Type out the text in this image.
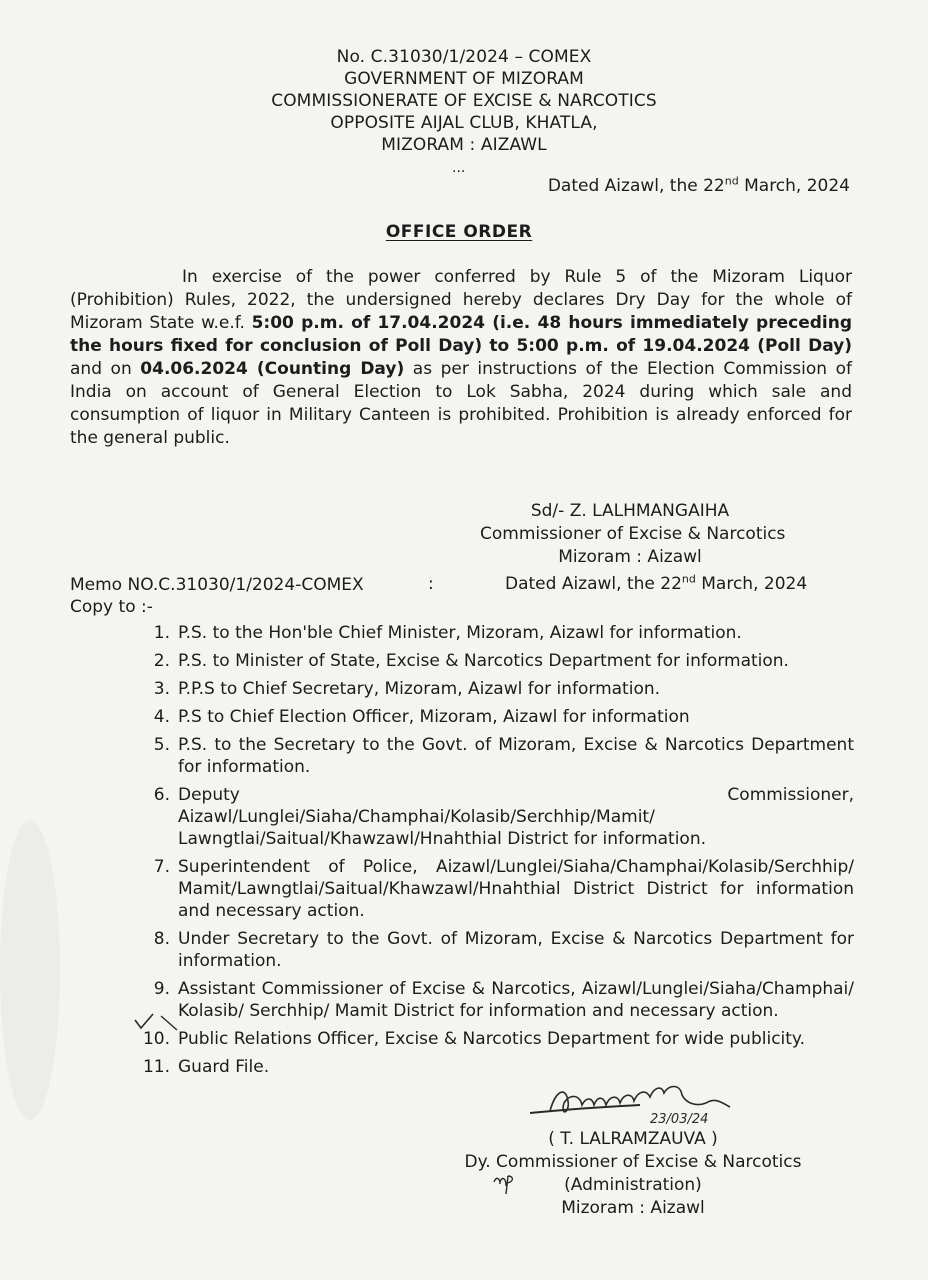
No. C.31030/1/2024 – COMEX
GOVERNMENT OF MIZORAM
COMMISSIONERATE OF EXCISE & NARCOTICS
OPPOSITE AIJAL CLUB, KHATLA,
MIZORAM : AIZAWL
...
Dated Aizawl, the 22nd March, 2024
OFFICE ORDER
In exercise of the power conferred by Rule 5 of the Mizoram Liquor (Prohibition) Rules, 2022, the undersigned hereby declares Dry Day for the whole of Mizoram State w.e.f. 5:00 p.m. of 17.04.2024 (i.e. 48 hours immediately preceding the hours fixed for conclusion of Poll Day) to 5:00 p.m. of 19.04.2024 (Poll Day) and on 04.06.2024 (Counting Day) as per instructions of the Election Commission of India on account of General Election to Lok Sabha, 2024 during which sale and consumption of liquor in Military Canteen is prohibited. Prohibition is already enforced for the general public.
Sd/- Z. LALHMANGAIHA
Commissioner of Excise & Narcotics
Mizoram : Aizawl
Memo NO.C.31030/1/2024-COMEX	:	Dated Aizawl, the 22nd March, 2024
Copy to :-
1. P.S. to the Hon'ble Chief Minister, Mizoram, Aizawl for information.
2. P.S. to Minister of State, Excise & Narcotics Department for information.
3. P.P.S to Chief Secretary, Mizoram, Aizawl for information.
4. P.S to Chief Election Officer, Mizoram, Aizawl for information
5. P.S. to the Secretary to the Govt. of Mizoram, Excise & Narcotics Department for information.
6. Deputy Commissioner, Aizawl/Lunglei/Siaha/Champhai/Kolasib/Serchhip/Mamit/ Lawngtlai/Saitual/Khawzawl/Hnahthial District for information.
7. Superintendent of Police, Aizawl/Lunglei/Siaha/Champhai/Kolasib/Serchhip/ Mamit/Lawngtlai/Saitual/Khawzawl/Hnahthial District District for information and necessary action.
8. Under Secretary to the Govt. of Mizoram, Excise & Narcotics Department for information.
9. Assistant Commissioner of Excise & Narcotics, Aizawl/Lunglei/Siaha/Champhai/ Kolasib/ Serchhip/ Mamit District for information and necessary action.
10. Public Relations Officer, Excise & Narcotics Department for wide publicity.
11. Guard File.
23/03/24
( T. LALRAMZAUVA )
Dy. Commissioner of Excise & Narcotics
(Administration)
Mizoram : Aizawl
